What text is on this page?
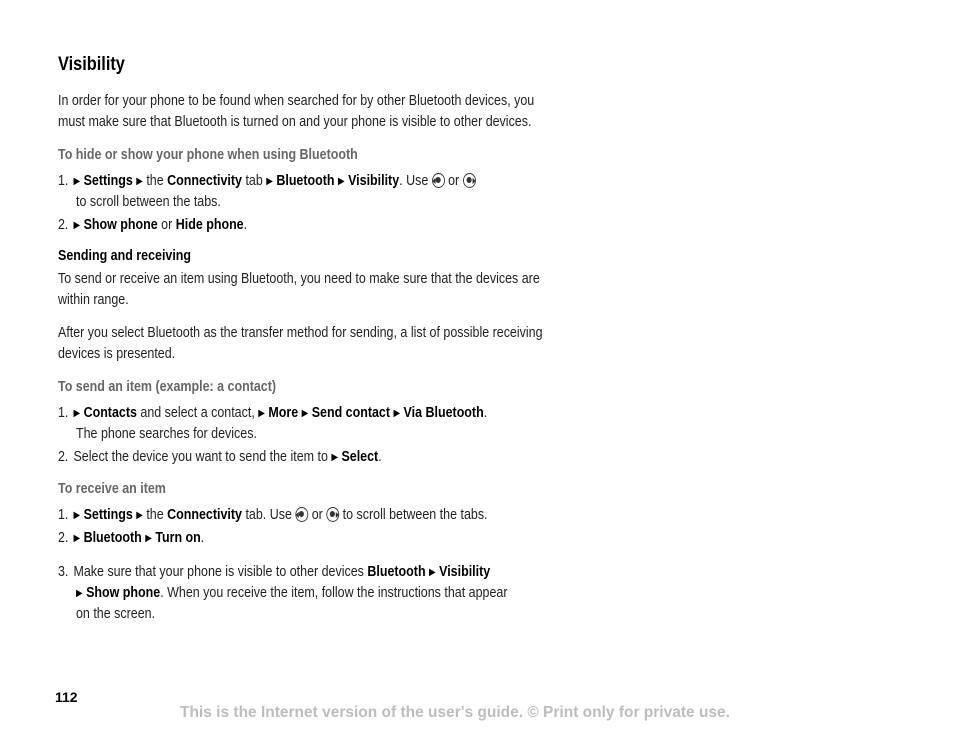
Visibility
In order for your phone to be found when searched for by other Bluetooth devices, you
must make sure that Bluetooth is turned on and your phone is visible to other devices.
To hide or show your phone when using Bluetooth
1. ▶ Settings ▶ the Connectivity tab ▶ Bluetooth ▶ Visibility. Use or
to scroll between the tabs.
2. ▶ Show phone or Hide phone.
Sending and receiving
To send or receive an item using Bluetooth, you need to make sure that the devices are
within range.
After you select Bluetooth as the transfer method for sending, a list of possible receiving
devices is presented.
To send an item (example: a contact)
1. ▶ Contacts and select a contact, ▶ More ▶ Send contact ▶ Via Bluetooth.
The phone searches for devices.
2. Select the device you want to send the item to ▶ Select.
To receive an item
1. ▶ Settings ▶ the Connectivity tab. Use or to scroll between the tabs.
2. ▶ Bluetooth ▶ Turn on.
3. Make sure that your phone is visible to other devices Bluetooth ▶ Visibility
▶ Show phone. When you receive the item, follow the instructions that appear
on the screen.
112
This is the Internet version of the user's guide. © Print only for private use.
